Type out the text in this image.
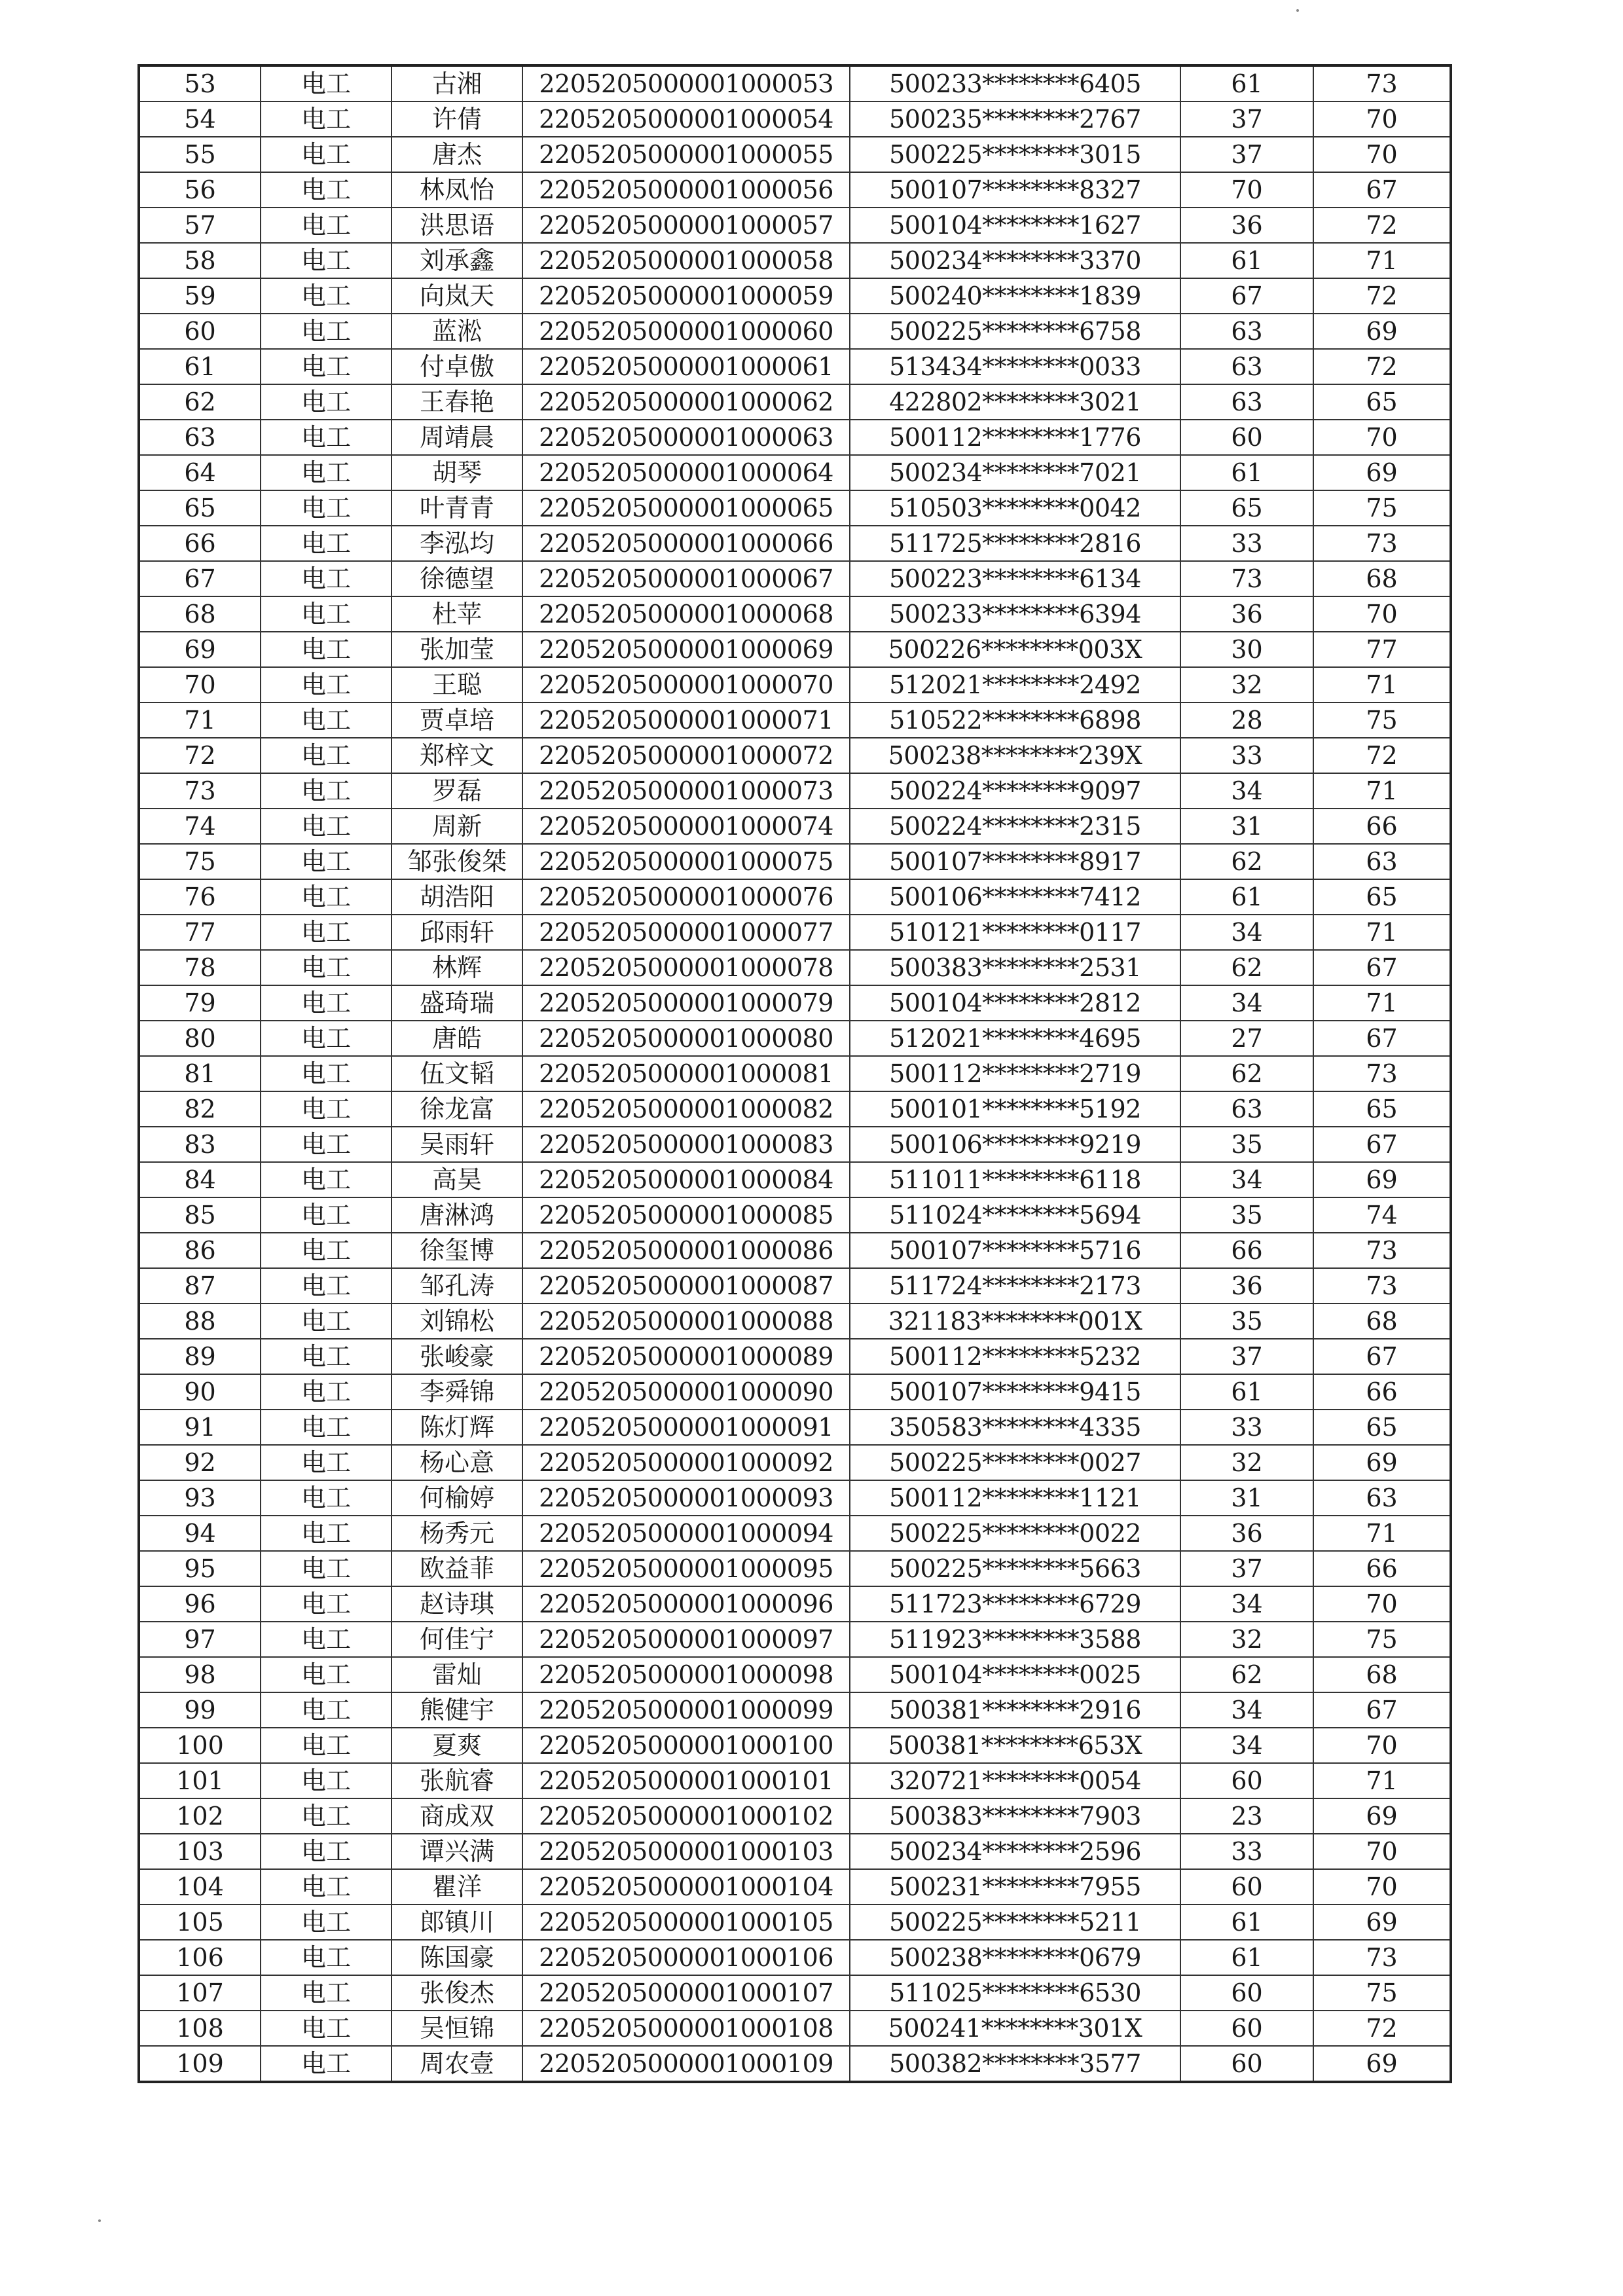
53	电工	古湘	220520500000100005З	500233********6405	61	73
54	电工	许倩	2205205000001000054	500235********2767	37	70
55	电工	唐杰	2205205000001000055	500225********3015	37	70
56	电工	林凤怡	2205205000001000056	500107********8327	70	67
57	电工	洪思语	2205205000001000057	500104********1627	36	72
58	电工	刘承鑫	2205205000001000058	500234********3370	61	71
59	电工	向岚天	2205205000001000059	500240********1839	67	72
60	电工	蓝淞	2205205000001000060	500225********6758	63	69
61	电工	付卓傲	2205205000001000061	513434********0033	63	72
62	电工	王春艳	2205205000001000062	422802********3021	63	65
63	电工	周靖晨	2205205000001000063	500112********1776	60	70
64	电工	胡琴	2205205000001000064	500234********7021	61	69
65	电工	叶青青	2205205000001000065	510503********0042	65	75
66	电工	李泓均	2205205000001000066	511725********2816	33	73
67	电工	徐德望	2205205000001000067	500223********6134	73	68
68	电工	杜苹	2205205000001000068	500233********6394	36	70
69	电工	张加莹	2205205000001000069	500226********003X	30	77
70	电工	王聪	2205205000001000070	512021********2492	32	71
71	电工	贾卓培	2205205000001000071	510522********6898	28	75
72	电工	郑梓文	2205205000001000072	500238********239X	33	72
73	电工	罗磊	2205205000001000073	500224********9097	34	71
74	电工	周新	2205205000001000074	500224********2315	31	66
75	电工	邹张俊桀	2205205000001000075	500107********8917	62	63
76	电工	胡浩阳	2205205000001000076	500106********7412	61	65
77	电工	邱雨轩	2205205000001000077	510121********0117	34	71
78	电工	林辉	2205205000001000078	500383********2531	62	67
79	电工	盛琦瑞	2205205000001000079	500104********2812	34	71
80	电工	唐皓	2205205000001000080	512021********4695	27	67
81	电工	伍文韬	2205205000001000081	500112********2719	62	73
82	电工	徐龙富	2205205000001000082	500101********5192	63	65
83	电工	吴雨轩	2205205000001000083	500106********9219	35	67
84	电工	高昊	2205205000001000084	511011********6118	34	69
85	电工	唐淋鸿	2205205000001000085	511024********5694	35	74
86	电工	徐玺博	2205205000001000086	500107********5716	66	73
87	电工	邹孔涛	2205205000001000087	511724********2173	36	73
88	电工	刘锦松	2205205000001000088	321183********001X	35	68
89	电工	张峻豪	2205205000001000089	500112********5232	37	67
90	电工	李舜锦	2205205000001000090	500107********9415	61	66
91	电工	陈灯辉	2205205000001000091	350583********4335	33	65
92	电工	杨心意	2205205000001000092	500225********0027	32	69
93	电工	何榆婷	2205205000001000093	500112********1121	31	63
94	电工	杨秀元	2205205000001000094	500225********0022	36	71
95	电工	欧益菲	2205205000001000095	500225********5663	37	66
96	电工	赵诗琪	2205205000001000096	511723********6729	34	70
97	电工	何佳宁	2205205000001000097	511923********3588	32	75
98	电工	雷灿	2205205000001000098	500104********0025	62	68
99	电工	熊健宇	2205205000001000099	500381********2916	34	67
100	电工	夏爽	2205205000001000100	500381********653X	34	70
101	电工	张航睿	2205205000001000101	320721********0054	60	71
102	电工	商成双	2205205000001000102	500383********7903	23	69
103	电工	谭兴满	2205205000001000103	500234********2596	33	70
104	电工	瞿洋	2205205000001000104	500231********7955	60	70
105	电工	郎镇川	2205205000001000105	500225********5211	61	69
106	电工	陈国豪	2205205000001000106	500238********0679	61	73
107	电工	张俊杰	2205205000001000107	511025********6530	60	75
108	电工	吴恒锦	2205205000001000108	500241********301X	60	72
109	电工	周农壹	2205205000001000109	500382********3577	60	69
